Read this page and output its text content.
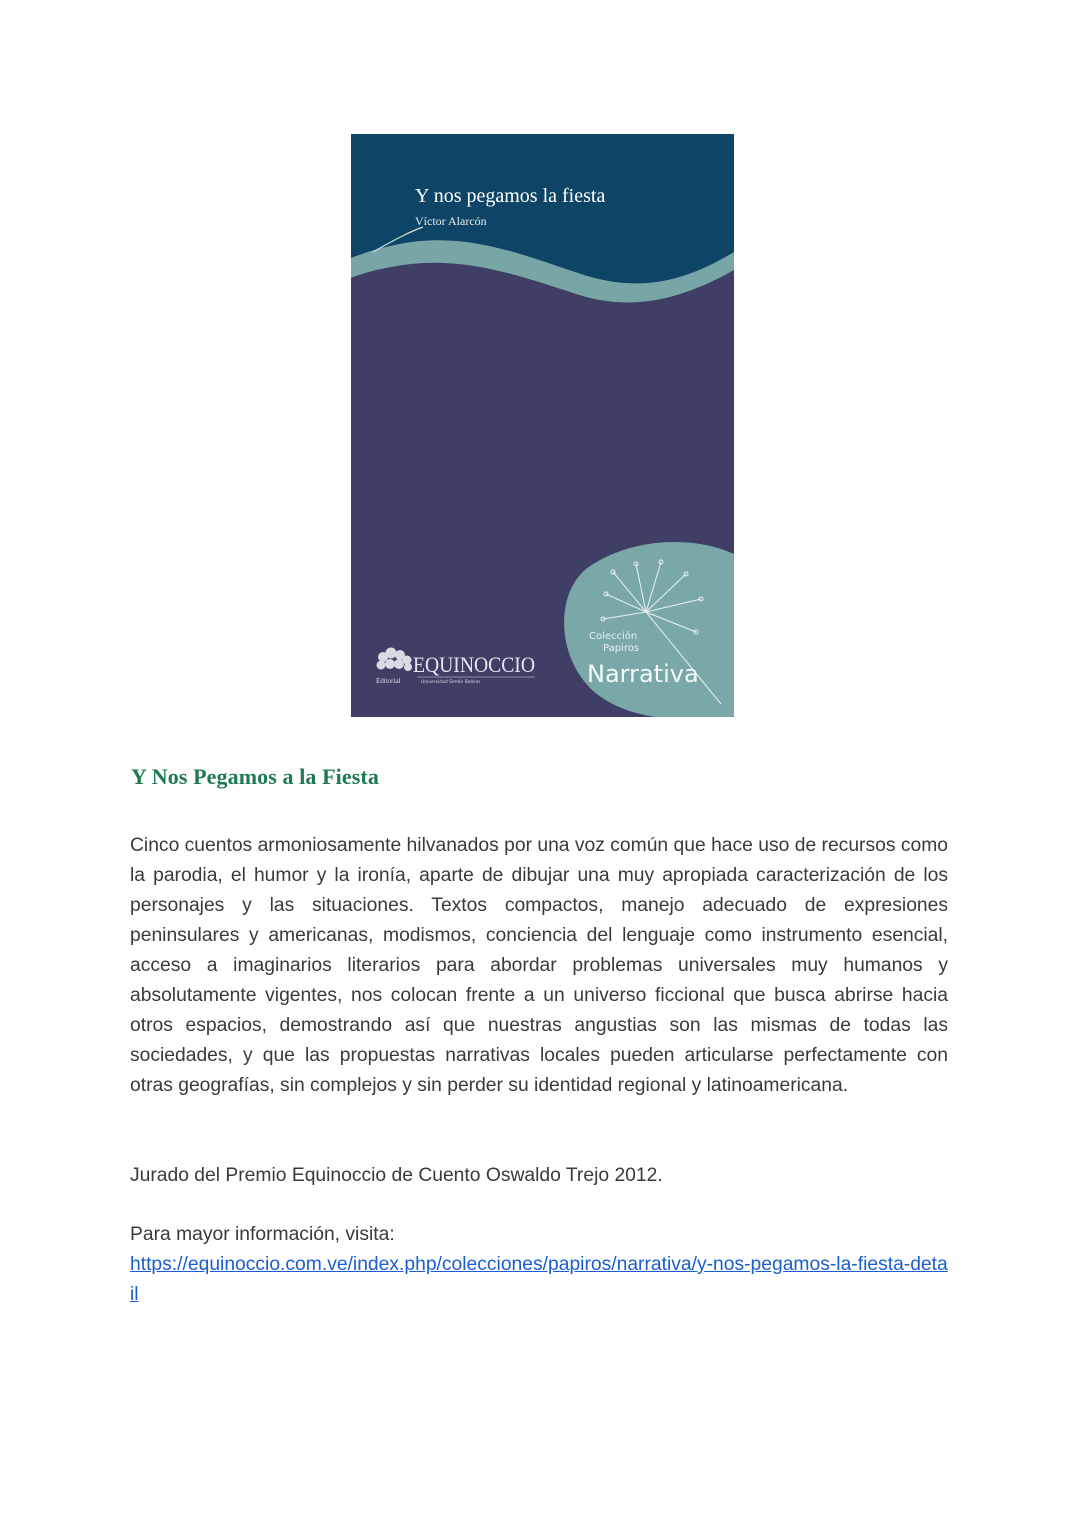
Y nos pegamos la fiesta
Víctor Alarcón
Colección
Papiros
Narrativa
Editorial
EQUINOCCIO
Universidad Simón Bolívar
Y Nos Pegamos a la Fiesta

Cinco cuentos armoniosamente hilvanados por una voz común que hace uso de recursos como la parodia, el humor y la ironía, aparte de dibujar una muy apropiada caracterización de los personajes y las situaciones. Textos compactos, manejo adecuado de expresiones peninsulares y americanas, modismos, conciencia del lenguaje como instrumento esencial, acceso a imaginarios literarios para abordar problemas universales muy humanos y absolutamente vigentes, nos colocan frente a un universo ficcional que busca abrirse hacia otros espacios, demostrando así que nuestras angustias son las mismas de todas las sociedades, y que las propuestas narrativas locales pueden articularse perfectamente con otras geografías, sin complejos y sin perder su identidad regional y latinoamericana.

Jurado del Premio Equinoccio de Cuento Oswaldo Trejo 2012.

Para mayor información, visita:
https://equinoccio.com.ve/index.php/colecciones/papiros/narrativa/y-nos-pegamos-la-fiesta-detail
